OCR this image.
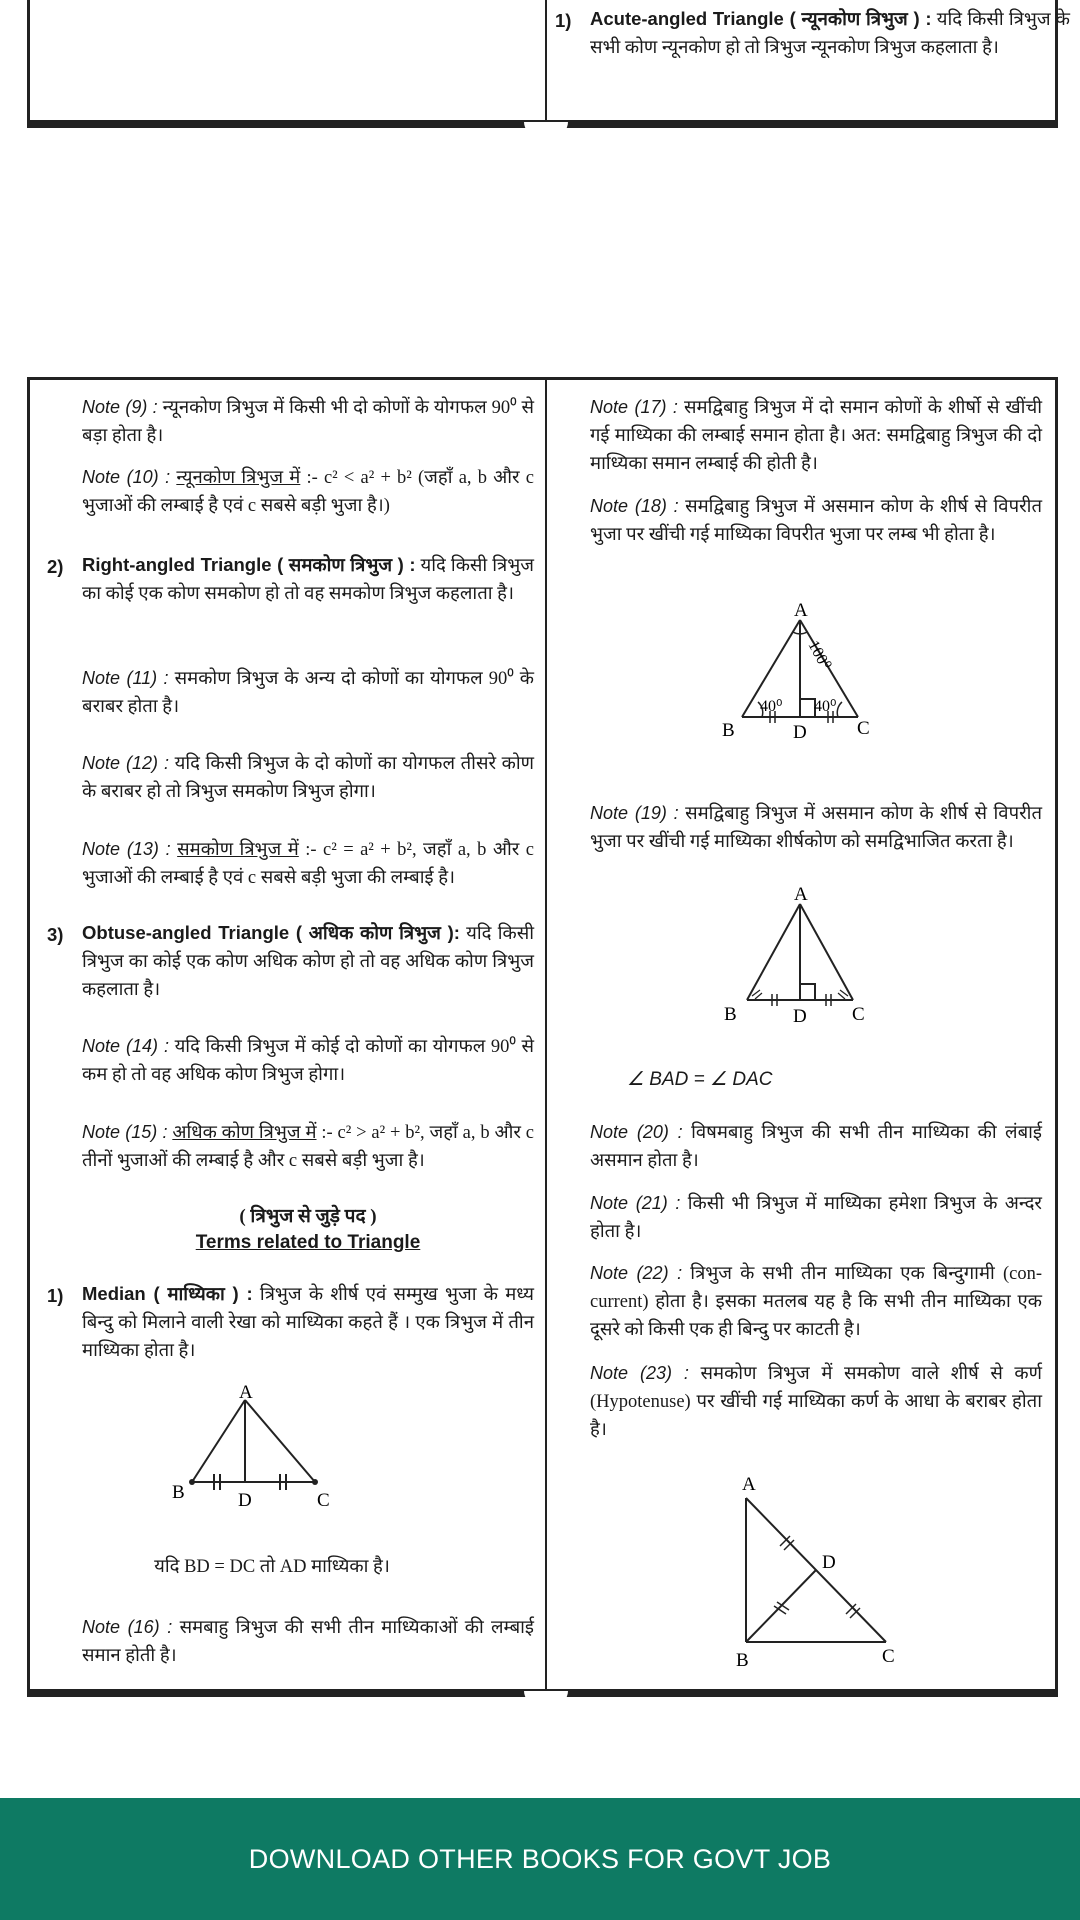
1) Acute-angled Triangle ( न्यूनकोण त्रिभुज ) : यदि किसी त्रिभुज के सभी कोण न्यूनकोण हो तो त्रिभुज न्यूनकोण त्रिभुज कहलाता है।
Note (9) : न्यूनकोण त्रिभुज में किसी भी दो कोणों के योगफल 90⁰ से बड़ा होता है।
Note (10) : न्यूनकोण त्रिभुज में :- c² < a² + b² (जहाँ a, b और c भुजाओं की लम्बाई है एवं c सबसे बड़ी भुजा है।)
2) Right-angled Triangle ( समकोण त्रिभुज ) : यदि किसी त्रिभुज का कोई एक कोण समकोण हो तो वह समकोण त्रिभुज कहलाता है।
Note (11) : समकोण त्रिभुज के अन्य दो कोणों का योगफल 90⁰ के बराबर होता है।
Note (12) : यदि किसी त्रिभुज के दो कोणों का योगफल तीसरे कोण के बराबर हो तो त्रिभुज समकोण त्रिभुज होगा।
Note (13) : समकोण त्रिभुज में :- c² = a² + b², जहाँ a, b और c भुजाओं की लम्बाई है एवं c सबसे बड़ी भुजा की लम्बाई है।
3) Obtuse-angled Triangle ( अधिक कोण त्रिभुज ): यदि किसी त्रिभुज का कोई एक कोण अधिक कोण हो तो वह अधिक कोण त्रिभुज कहलाता है।
Note (14) : यदि किसी त्रिभुज में कोई दो कोणों का योगफल 90⁰ से कम हो तो वह अधिक कोण त्रिभुज होगा।
Note (15) : अधिक कोण त्रिभुज में :- c² > a² + b², जहाँ a, b और c तीनों भुजाओं की लम्बाई है और c सबसे बड़ी भुजा है।
( त्रिभुज से जुड़े पद )
Terms related to Triangle
1) Median ( माध्यिका ) : त्रिभुज के शीर्ष एवं सम्मुख भुजा के मध्य बिन्दु को मिलाने वाली रेखा को माध्यिका कहते हैं । एक त्रिभुज में तीन माध्यिका होता है।
A
B	D	C
यदि BD = DC तो AD माध्यिका है।
Note (16) : समबाहु त्रिभुज की सभी तीन माध्यिकाओं की लम्बाई समान होती है।
Note (17) : समद्विबाहु त्रिभुज में दो समान कोणों के शीर्षो से खींची गई माध्यिका की लम्बाई समान होता है। अत: समद्विबाहु त्रिभुज की दो माध्यिका समान लम्बाई की होती है।
Note (18) : समद्विबाहु त्रिभुज में असमान कोण के शीर्ष से विपरीत भुजा पर खींची गई माध्यिका विपरीत भुजा पर लम्ब भी होता है।
A
B	D	C
100⁰
40⁰ 40⁰
Note (19) : समद्विबाहु त्रिभुज में असमान कोण के शीर्ष से विपरीत भुजा पर खींची गई माध्यिका शीर्षकोण को समद्विभाजित करता है।
A
B	D C
∠ BAD = ∠ DAC
Note (20) : विषमबाहु त्रिभुज की सभी तीन माध्यिका की लंबाई असमान होता है।
Note (21) : किसी भी त्रिभुज में माध्यिका हमेशा त्रिभुज के अन्दर होता है।
Note (22) : त्रिभुज के सभी तीन माध्यिका एक बिन्दुगामी (con-current) होता है। इसका मतलब यह है कि सभी तीन माध्यिका एक दूसरे को किसी एक ही बिन्दु पर काटती है।
Note (23) : समकोण त्रिभुज में समकोण वाले शीर्ष से कर्ण (Hypotenuse) पर खींची गई माध्यिका कर्ण के आधा के बराबर होता है।
A
D
B	C
DOWNLOAD OTHER BOOKS FOR GOVT JOB
